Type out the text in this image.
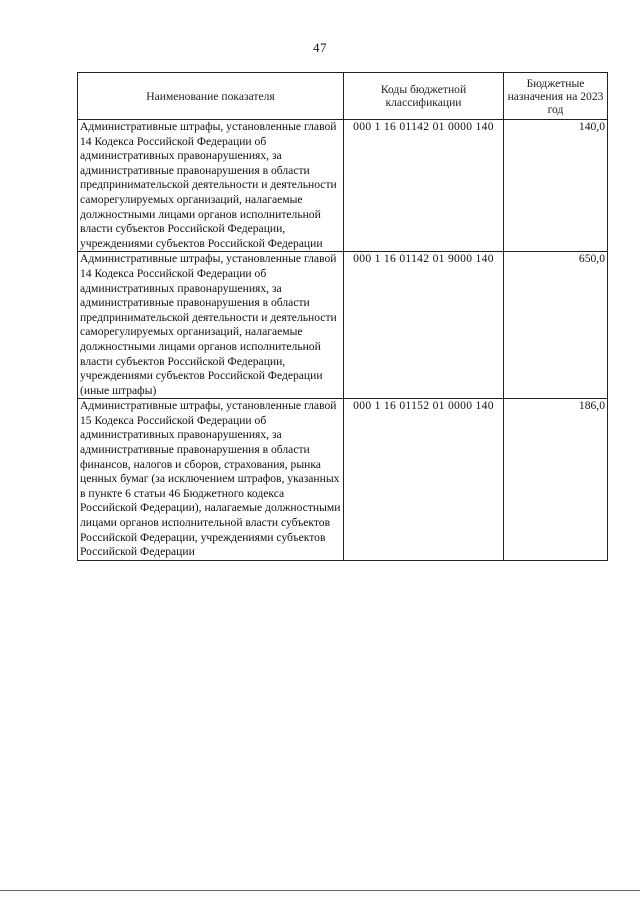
47
Наименование показателя	Коды бюджетной классификации	Бюджетные назначения на 2023 год
Административные штрафы, установленные главой 14 Кодекса Российской Федерации об административных правонарушениях, за административные правонарушения в области предпринимательской деятельности и деятельности саморегулируемых организаций, налагаемые должностными лицами органов исполнительной власти субъектов Российской Федерации, учреждениями субъектов Российской Федерации	000 1 16 01142 01 0000 140	140,0
Административные штрафы, установленные главой 14 Кодекса Российской Федерации об административных правонарушениях, за административные правонарушения в области предпринимательской деятельности и деятельности саморегулируемых организаций, налагаемые должностными лицами органов исполнительной власти субъектов Российской Федерации, учреждениями субъектов Российской Федерации (иные штрафы)	000 1 16 01142 01 9000 140	650,0
Административные штрафы, установленные главой 15 Кодекса Российской Федерации об административных правонарушениях, за административные правонарушения в области финансов, налогов и сборов, страхования, рынка ценных бумаг (за исключением штрафов, указанных в пункте 6 статьи 46 Бюджетного кодекса Российской Федерации), налагаемые должностными лицами органов исполнительной власти субъектов Российской Федерации, учреждениями субъектов Российской Федерации	000 1 16 01152 01 0000 140	186,0
